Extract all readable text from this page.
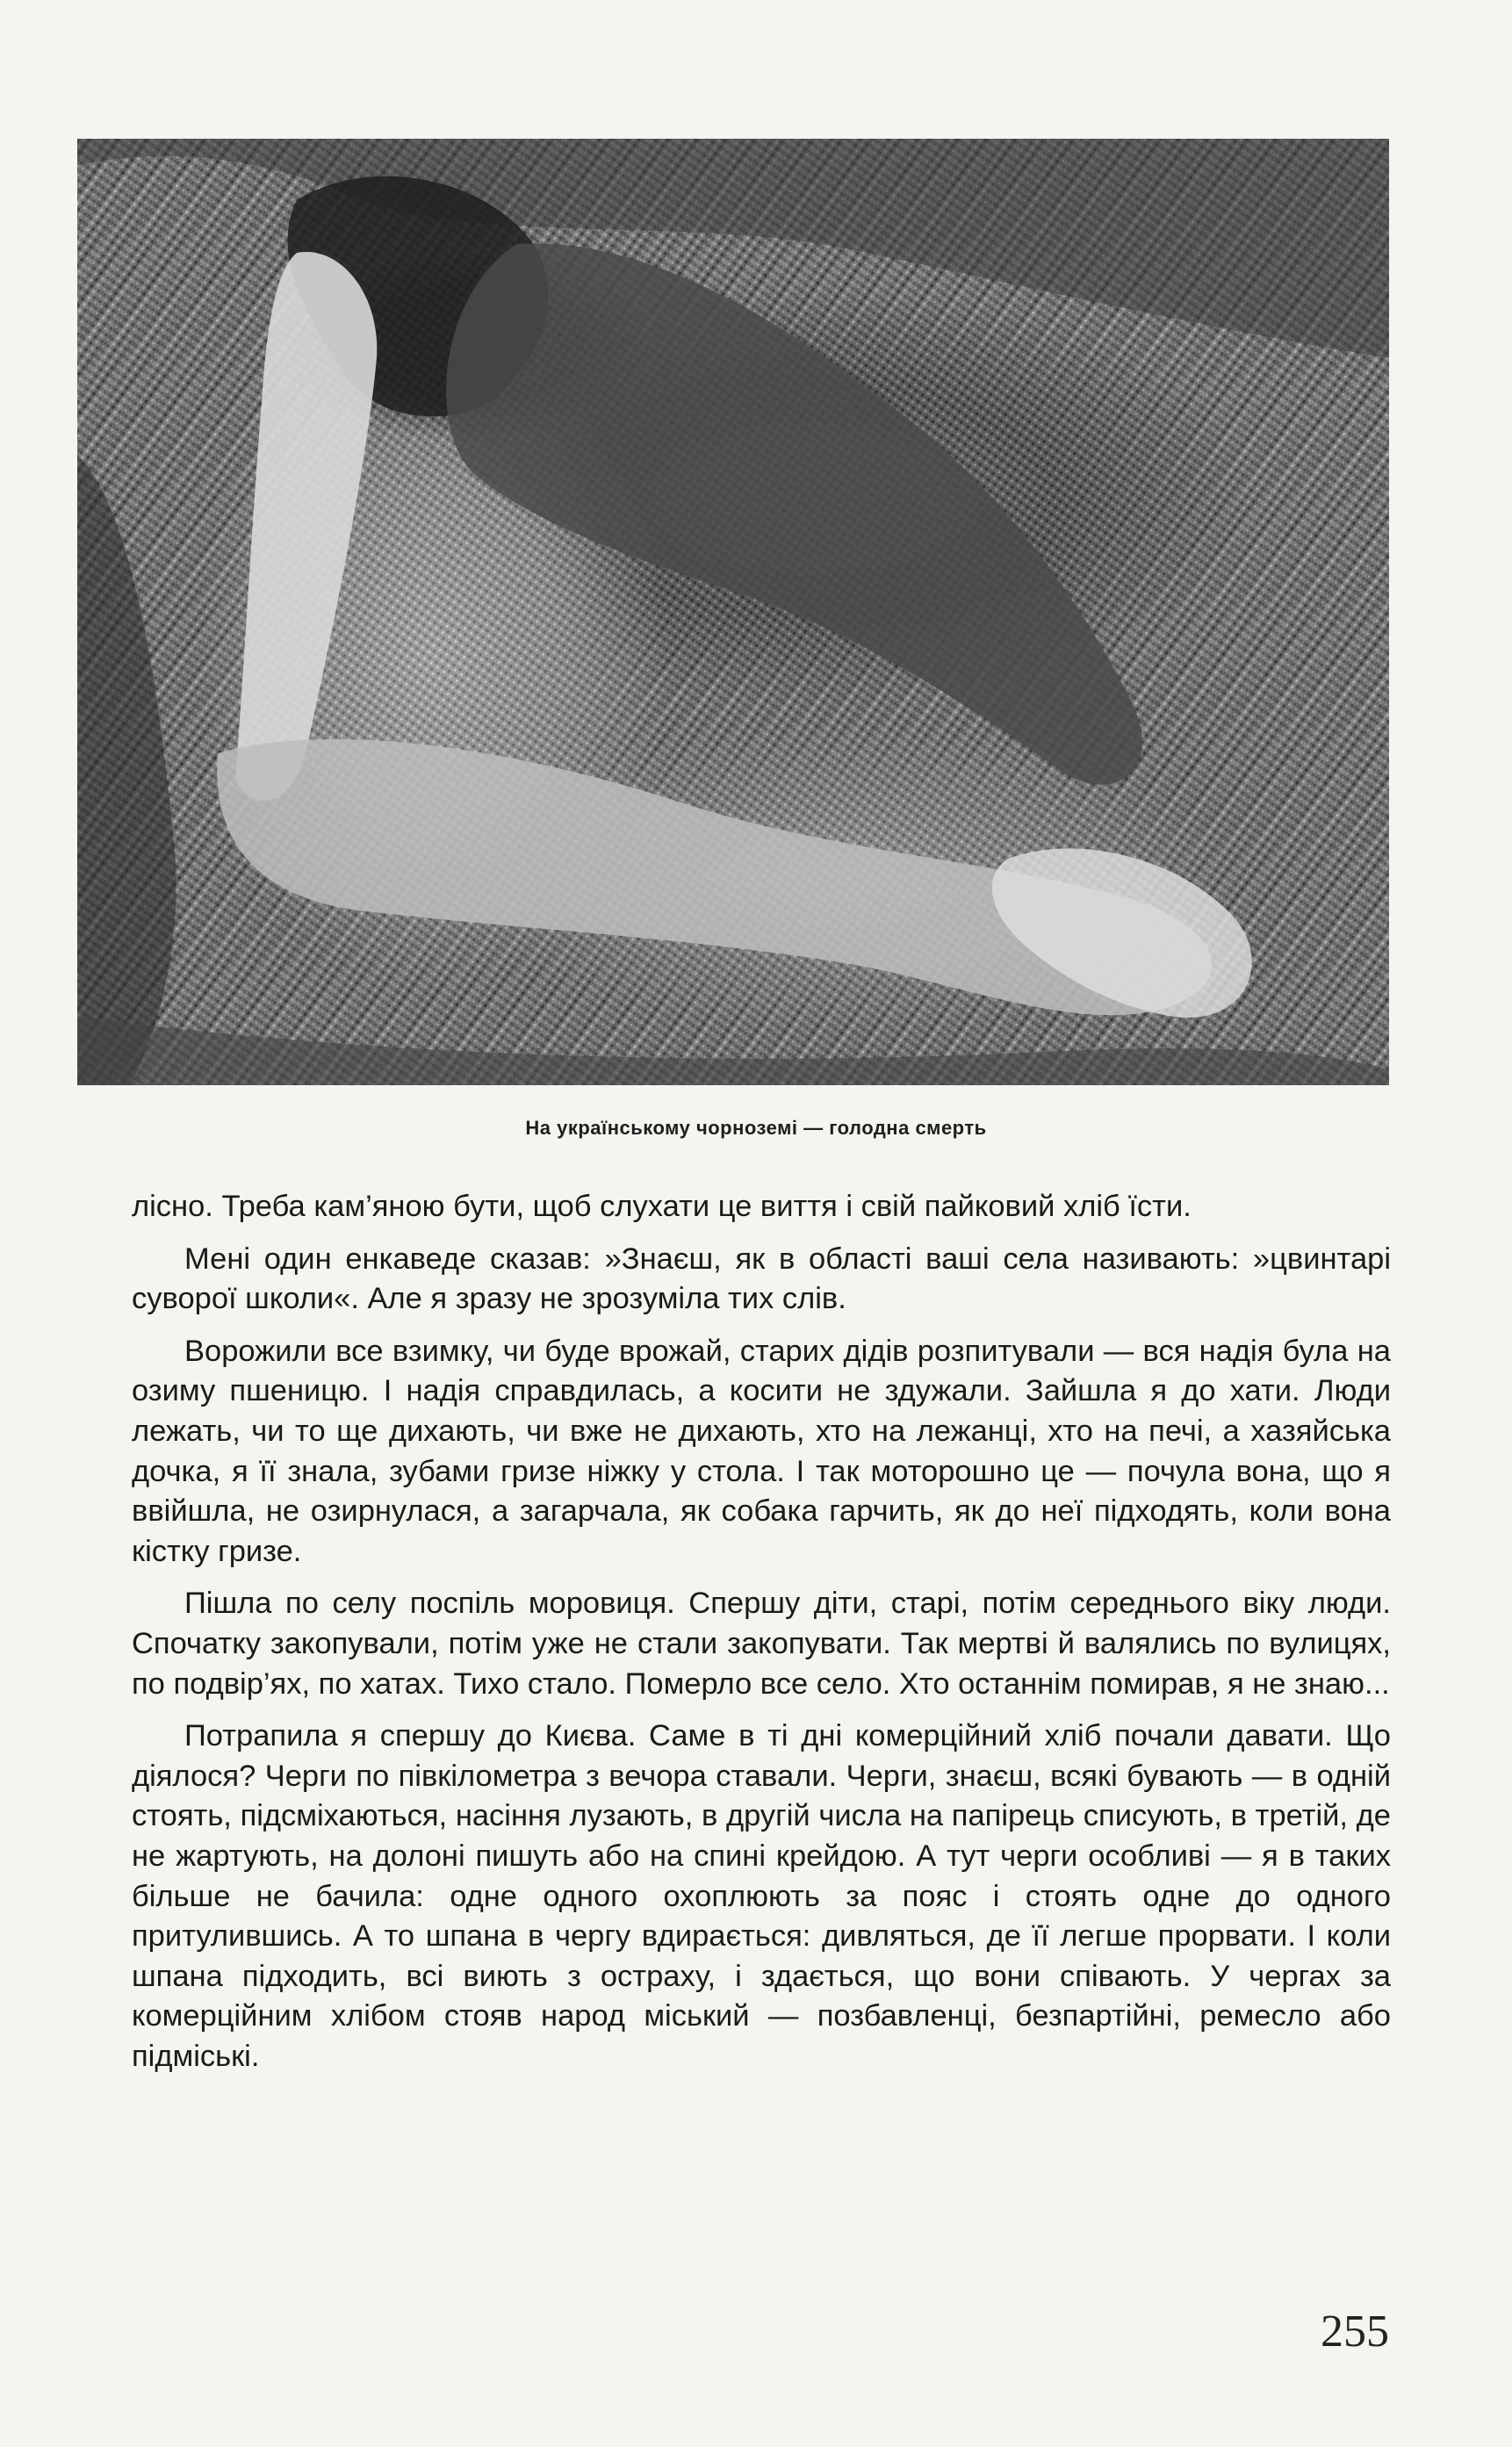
На українському чорноземі — голодна смерть

лісно. Треба кам’яною бути, щоб слухати це виття і свій пайковий хліб їсти.

Мені один енкаведе сказав: »Знаєш, як в області ваші села називають: »цвинтарі суворої школи«. Але я зразу не зрозуміла тих слів.

Ворожили все взимку, чи буде врожай, старих дідів розпитували — вся надія була на озиму пшеницю. І надія справдилась, а косити не здужали. Зайшла я до хати. Люди лежать, чи то ще дихають, чи вже не дихають, хто на лежанці, хто на печі, а хазяйська дочка, я її знала, зубами гризе ніжку у стола. І так моторошно це — почула вона, що я ввійшла, не озирнулася, а загарчала, як собака гарчить, як до неї підходять, коли вона кістку гризе.

Пішла по селу поспіль моровиця. Спершу діти, старі, потім середнього віку люди. Спочатку закопували, потім уже не стали закопувати. Так мертві й валялись по вулицях, по подвір’ях, по хатах. Тихо стало. Померло все село. Хто останнім помирав, я не знаю...

Потрапила я спершу до Києва. Саме в ті дні комерційний хліб почали давати. Що діялося? Черги по півкілометра з вечора ставали. Черги, знаєш, всякі бувають — в одній стоять, підсміхаються, насіння лузають, в другій числа на папірець списують, в третій, де не жартують, на долоні пишуть або на спині крейдою. А тут черги особливі — я в таких більше не бачила: одне одного охоплюють за пояс і стоять одне до одного притулившись. А то шпана в чергу вдирається: дивляться, де її легше прорвати. І коли шпана підходить, всі виють з остраху, і здається, що вони співають. У чергах за комерційним хлібом стояв народ міський — позбавленці, безпартійні, ремесло або підміські.

255
